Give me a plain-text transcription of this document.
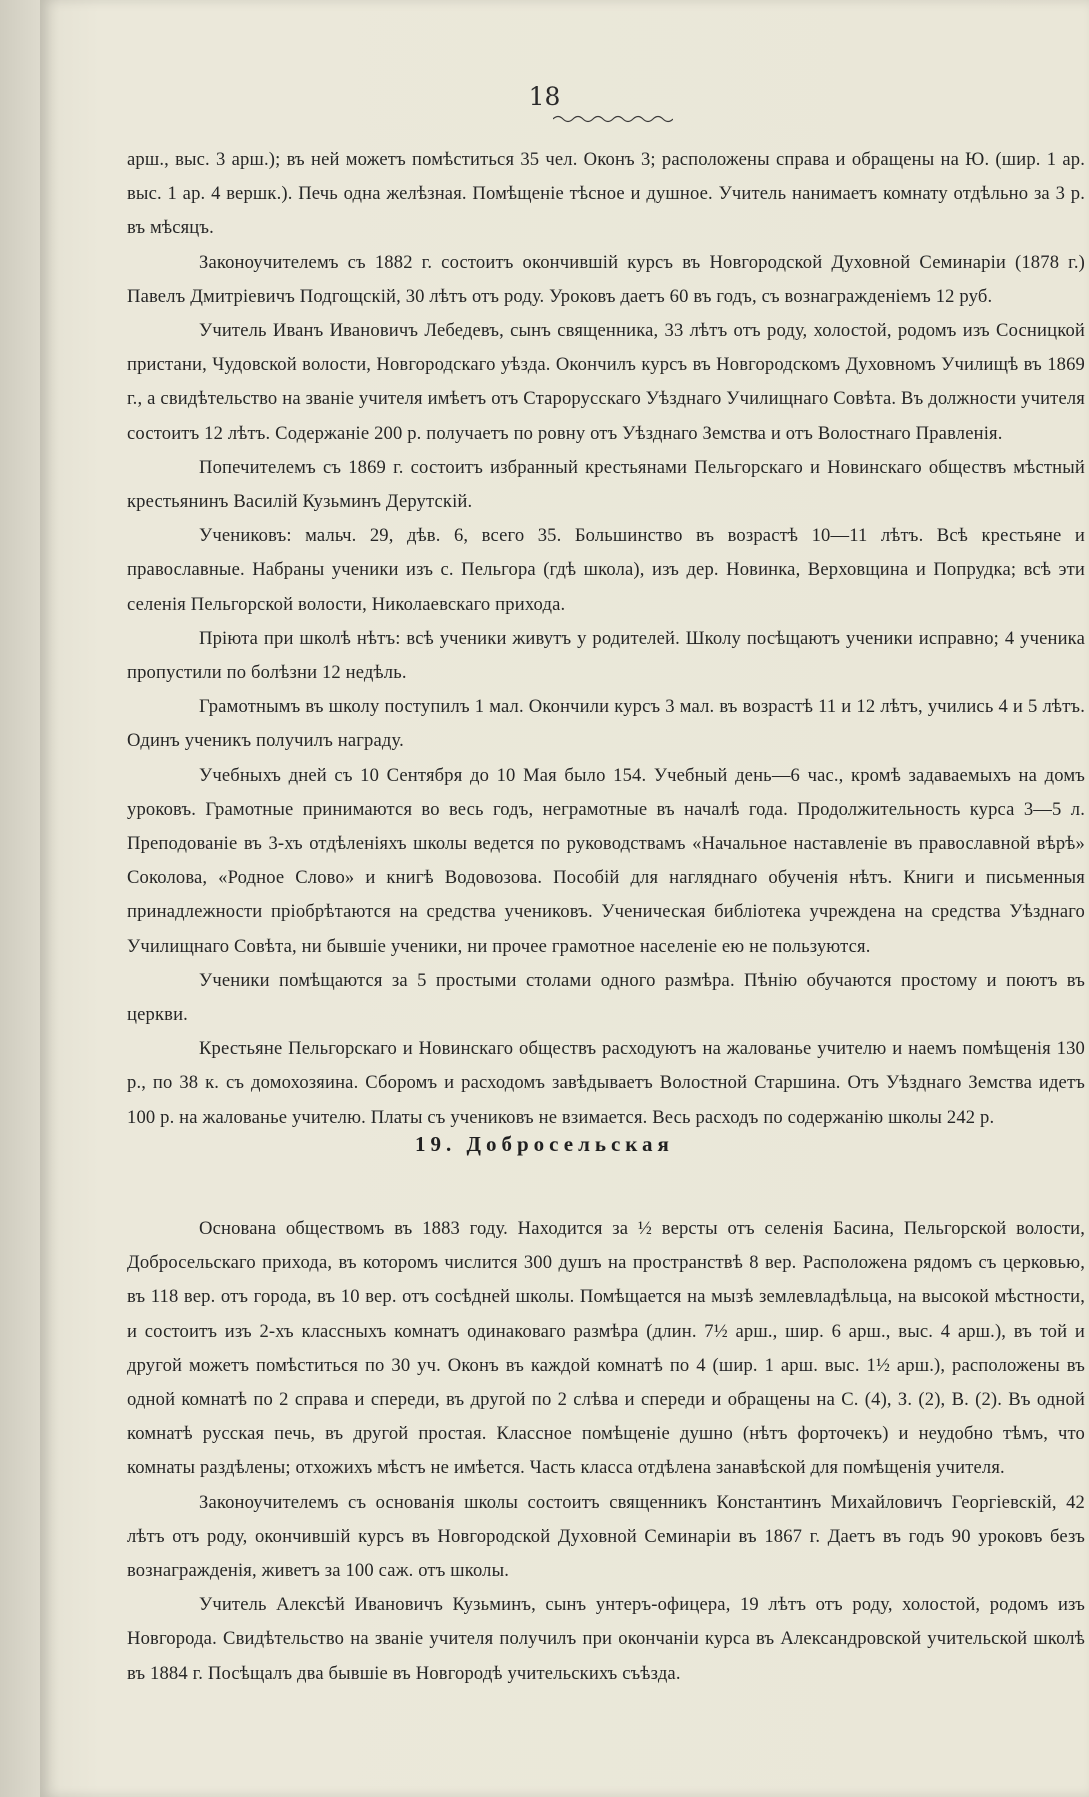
18

арш., выс. 3 арш.); въ ней можетъ помѣститься 35 чел. Оконъ 3; расположены справа и обращены на Ю. (шир. 1 ар. выс. 1 ар. 4 вершк.). Печь одна желѣзная. Помѣщеніе тѣсное и душное. Учитель нанимаетъ комнату отдѣльно за 3 р. въ мѣсяцъ.

Законоучителемъ съ 1882 г. состоитъ окончившій курсъ въ Новгородской Духовной Семинаріи (1878 г.) Павелъ Дмитріевичъ Подгощскій, 30 лѣтъ отъ роду. Уроковъ даетъ 60 въ годъ, съ вознагражденіемъ 12 руб.

Учитель Иванъ Ивановичъ Лебедевъ, сынъ священника, 33 лѣтъ отъ роду, холостой, родомъ изъ Сосницкой пристани, Чудовской волости, Новгородскаго уѣзда. Окончилъ курсъ въ Новгородскомъ Духовномъ Училищѣ въ 1869 г., а свидѣтельство на званіе учителя имѣетъ отъ Старорусскаго Уѣзднаго Училищнаго Совѣта. Въ должности учителя состоитъ 12 лѣтъ. Содержаніе 200 р. получаетъ по ровну отъ Уѣзднаго Земства и отъ Волостнаго Правленія.

Попечителемъ съ 1869 г. состоитъ избранный крестьянами Пельгорскаго и Новинскаго обществъ мѣстный крестьянинъ Василій Кузьминъ Дерутскій.

Учениковъ: мальч. 29, дѣв. 6, всего 35. Большинство въ возрастѣ 10—11 лѣтъ. Всѣ крестьяне и православные. Набраны ученики изъ с. Пельгора (гдѣ школа), изъ дер. Новинка, Верховщина и Попрудка; всѣ эти селенія Пельгорской волости, Николаевскаго прихода.

Пріюта при школѣ нѣтъ: всѣ ученики живутъ у родителей. Школу посѣщаютъ ученики исправно; 4 ученика пропустили по болѣзни 12 недѣль.

Грамотнымъ въ школу поступилъ 1 мал. Окончили курсъ 3 мал. въ возрастѣ 11 и 12 лѣтъ, учились 4 и 5 лѣтъ. Одинъ ученикъ получилъ награду.

Учебныхъ дней съ 10 Сентября до 10 Мая было 154. Учебный день—6 час., кромѣ задаваемыхъ на домъ уроковъ. Грамотные принимаются во весь годъ, неграмотные въ началѣ года. Продолжительность курса 3—5 л. Преподованіе въ 3-хъ отдѣленіяхъ школы ведется по руководствамъ «Начальное наставленіе въ православной вѣрѣ» Соколова, «Родное Слово» и книгѣ Водовозова. Пособій для нагляднаго обученія нѣтъ. Книги и письменныя принадлежности пріобрѣтаются на средства учениковъ. Ученическая библіотека учреждена на средства Уѣзднаго Училищнаго Совѣта, ни бывшіе ученики, ни прочее грамотное населеніе ею не пользуются.

Ученики помѣщаются за 5 простыми столами одного размѣра. Пѣнію обучаются простому и поютъ въ церкви.

Крестьяне Пельгорскаго и Новинскаго обществъ расходуютъ на жалованье учителю и наемъ помѣщенія 130 р., по 38 к. съ домохозяина. Сборомъ и расходомъ завѣдываетъ Волостной Старшина. Отъ Уѣзднаго Земства идетъ 100 р. на жалованье учителю. Платы съ учениковъ не взимается. Весь расходъ по содержанію школы 242 р.

19. Добросельская

Основана обществомъ въ 1883 году. Находится за ½ версты отъ селенія Басина, Пельгорской волости, Добросельскаго прихода, въ которомъ числится 300 душъ на пространствѣ 8 вер. Расположена рядомъ съ церковью, въ 118 вер. отъ города, въ 10 вер. отъ сосѣдней школы. Помѣщается на мызѣ землевладѣльца, на высокой мѣстности, и состоитъ изъ 2-хъ классныхъ комнатъ одинаковаго размѣра (длин. 7½ арш., шир. 6 арш., выс. 4 арш.), въ той и другой можетъ помѣститься по 30 уч. Оконъ въ каждой комнатѣ по 4 (шир. 1 арш. выс. 1½ арш.), расположены въ одной комнатѣ по 2 справа и спереди, въ другой по 2 слѣва и спереди и обращены на С. (4), З. (2), В. (2). Въ одной комнатѣ русская печь, въ другой простая. Классное помѣщеніе душно (нѣтъ форточекъ) и неудобно тѣмъ, что комнаты раздѣлены; отхожихъ мѣстъ не имѣется. Часть класса отдѣлена занавѣской для помѣщенія учителя.

Законоучителемъ съ основанія школы состоитъ священникъ Константинъ Михайловичъ Георгіевскій, 42 лѣтъ отъ роду, окончившій курсъ въ Новгородской Духовной Семинаріи въ 1867 г. Даетъ въ годъ 90 уроковъ безъ вознагражденія, живетъ за 100 саж. отъ школы.

Учитель Алексѣй Ивановичъ Кузьминъ, сынъ унтеръ-офицера, 19 лѣтъ отъ роду, холостой, родомъ изъ Новгорода. Свидѣтельство на званіе учителя получилъ при окончаніи курса въ Александровской учительской школѣ въ 1884 г. Посѣщалъ два бывшіе въ Новгородѣ учительскихъ съѣзда.
